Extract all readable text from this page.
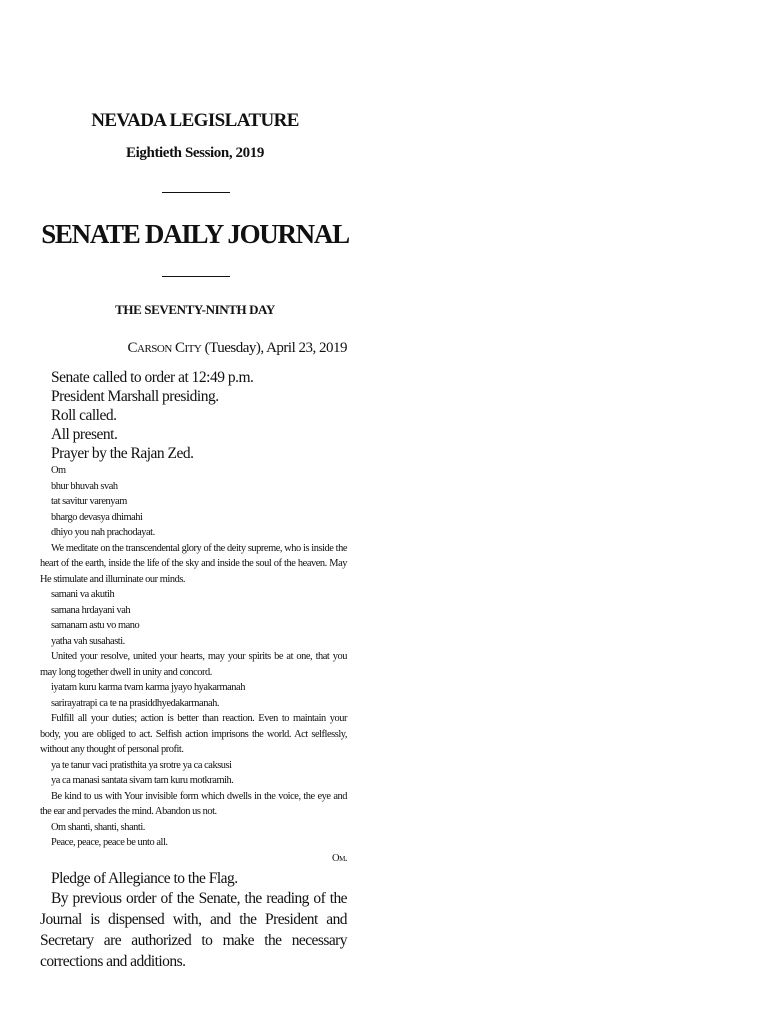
NEVADA LEGISLATURE
Eightieth Session, 2019
SENATE DAILY JOURNAL
THE SEVENTY-NINTH DAY
Carson City (Tuesday), April 23, 2019

Senate called to order at 12:49 p.m.

President Marshall presiding.

Roll called.

All present.

Prayer by the Rajan Zed.

Om

bhur bhuvah svah

tat savitur varenyam

bhargo devasya dhimahi

dhiyo you nah prachodayat.

We meditate on the transcendental glory of the deity supreme, who is inside the heart of the earth, inside the life of the sky and inside the soul of the heaven. May He stimulate and illuminate our minds.

samani va akutih

samana hrdayani vah

samanam astu vo mano

yatha vah susahasti.

United your resolve, united your hearts, may your spirits be at one, that you may long together dwell in unity and concord.

iyatam kuru karma tvam karma jyayo hyakarmanah

sarirayatrapi ca te na prasiddhyedakarmanah.

Fulfill all your duties; action is better than reaction. Even to maintain your body, you are obliged to act. Selfish action imprisons the world. Act selflessly, without any thought of personal profit.

ya te tanur vaci pratisthita ya srotre ya ca caksusi

ya ca manasi santata sivam tam kuru motkramih.

Be kind to us with Your invisible form which dwells in the voice, the eye and the ear and pervades the mind. Abandon us not.

Om shanti, shanti, shanti.

Peace, peace, peace be unto all.

Om.

Pledge of Allegiance to the Flag.

By previous order of the Senate, the reading of the Journal is dispensed with, and the President and Secretary are authorized to make the necessary corrections and additions.
